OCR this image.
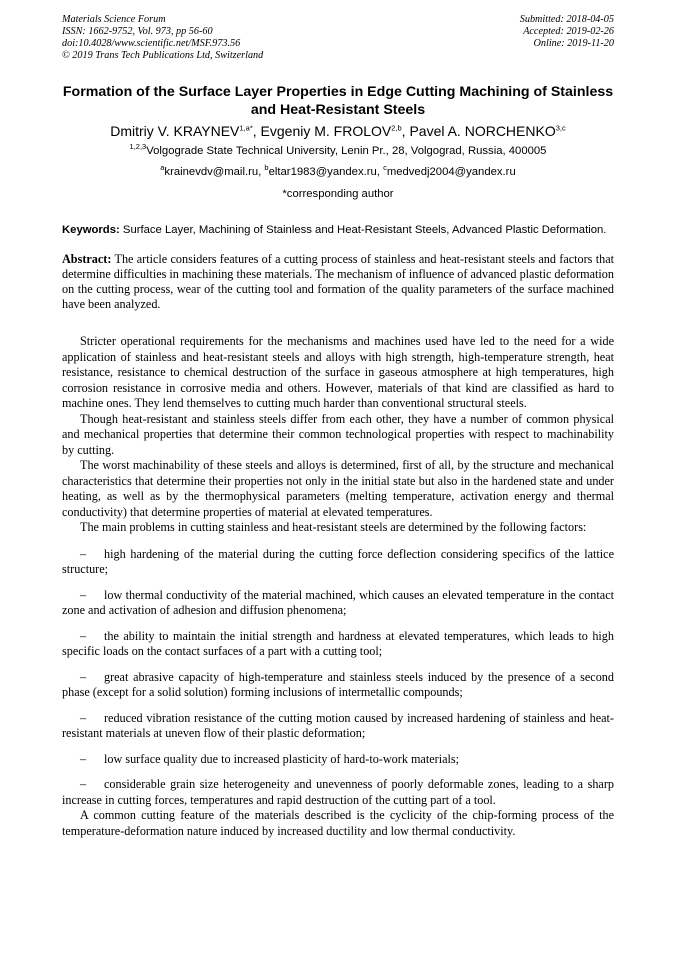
Materials Science Forum
ISSN: 1662-9752, Vol. 973, pp 56-60
doi:10.4028/www.scientific.net/MSF.973.56
© 2019 Trans Tech Publications Ltd, Switzerland
Submitted: 2018-04-05
Accepted: 2019-02-26
Online: 2019-11-20
Formation of the Surface Layer Properties in Edge Cutting Machining of Stainless and Heat-Resistant Steels
Dmitriy V. $KRAYNEV^{1,a*}$, Evgeniy M. FROLOV$^{2,b}$, Pavel A. NORCHENKO$^{3,c}$
$^{1,2,3}$Volgograde State Technical University, Lenin Pr., 28, Volgograd, Russia, 400005
$^a$krainevdv@mail.ru, $^b$eltar1983@yandex.ru, $^c$medvedj2004@yandex.ru
*corresponding author
Keywords: Surface Layer, Machining of Stainless and Heat-Resistant Steels, Advanced Plastic Deformation.
Abstract: The article considers features of a cutting process of stainless and heat-resistant steels and factors that determine difficulties in machining these materials. The mechanism of influence of advanced plastic deformation on the cutting process, wear of the cutting tool and formation of the quality parameters of the surface machined have been analyzed.

Stricter operational requirements for the mechanisms and machines used have led to the need for a wide application of stainless and heat-resistant steels and alloys with high strength, high-temperature strength, heat resistance, resistance to chemical destruction of the surface in gaseous atmosphere at high temperatures, high corrosion resistance in corrosive media and others. However, materials of that kind are classified as hard to machine ones. They lend themselves to cutting much harder than conventional structural steels.

Though heat-resistant and stainless steels differ from each other, they have a number of common physical and mechanical properties that determine their common technological properties with respect to machinability by cutting.

The worst machinability of these steels and alloys is determined, first of all, by the structure and mechanical characteristics that determine their properties not only in the initial state but also in the hardened state and under heating, as well as by the thermophysical parameters (melting temperature, activation energy and thermal conductivity) that determine properties of material at elevated temperatures.

The main problems in cutting stainless and heat-resistant steels are determined by the following factors:

– high hardening of the material during the cutting force deflection considering specifics of the lattice structure;
– low thermal conductivity of the material machined, which causes an elevated temperature in the contact zone and activation of adhesion and diffusion phenomena;
– the ability to maintain the initial strength and hardness at elevated temperatures, which leads to high specific loads on the contact surfaces of a part with a cutting tool;
– great abrasive capacity of high-temperature and stainless steels induced by the presence of a second phase (except for a solid solution) forming inclusions of intermetallic compounds;
– reduced vibration resistance of the cutting motion caused by increased hardening of stainless and heat-resistant materials at uneven flow of their plastic deformation;
– low surface quality due to increased plasticity of hard-to-work materials;
– considerable grain size heterogeneity and unevenness of poorly deformable zones, leading to a sharp increase in cutting forces, temperatures and rapid destruction of the cutting part of a tool.

A common cutting feature of the materials described is the cyclicity of the chip-forming process of the temperature-deformation nature induced by increased ductility and low thermal conductivity.
